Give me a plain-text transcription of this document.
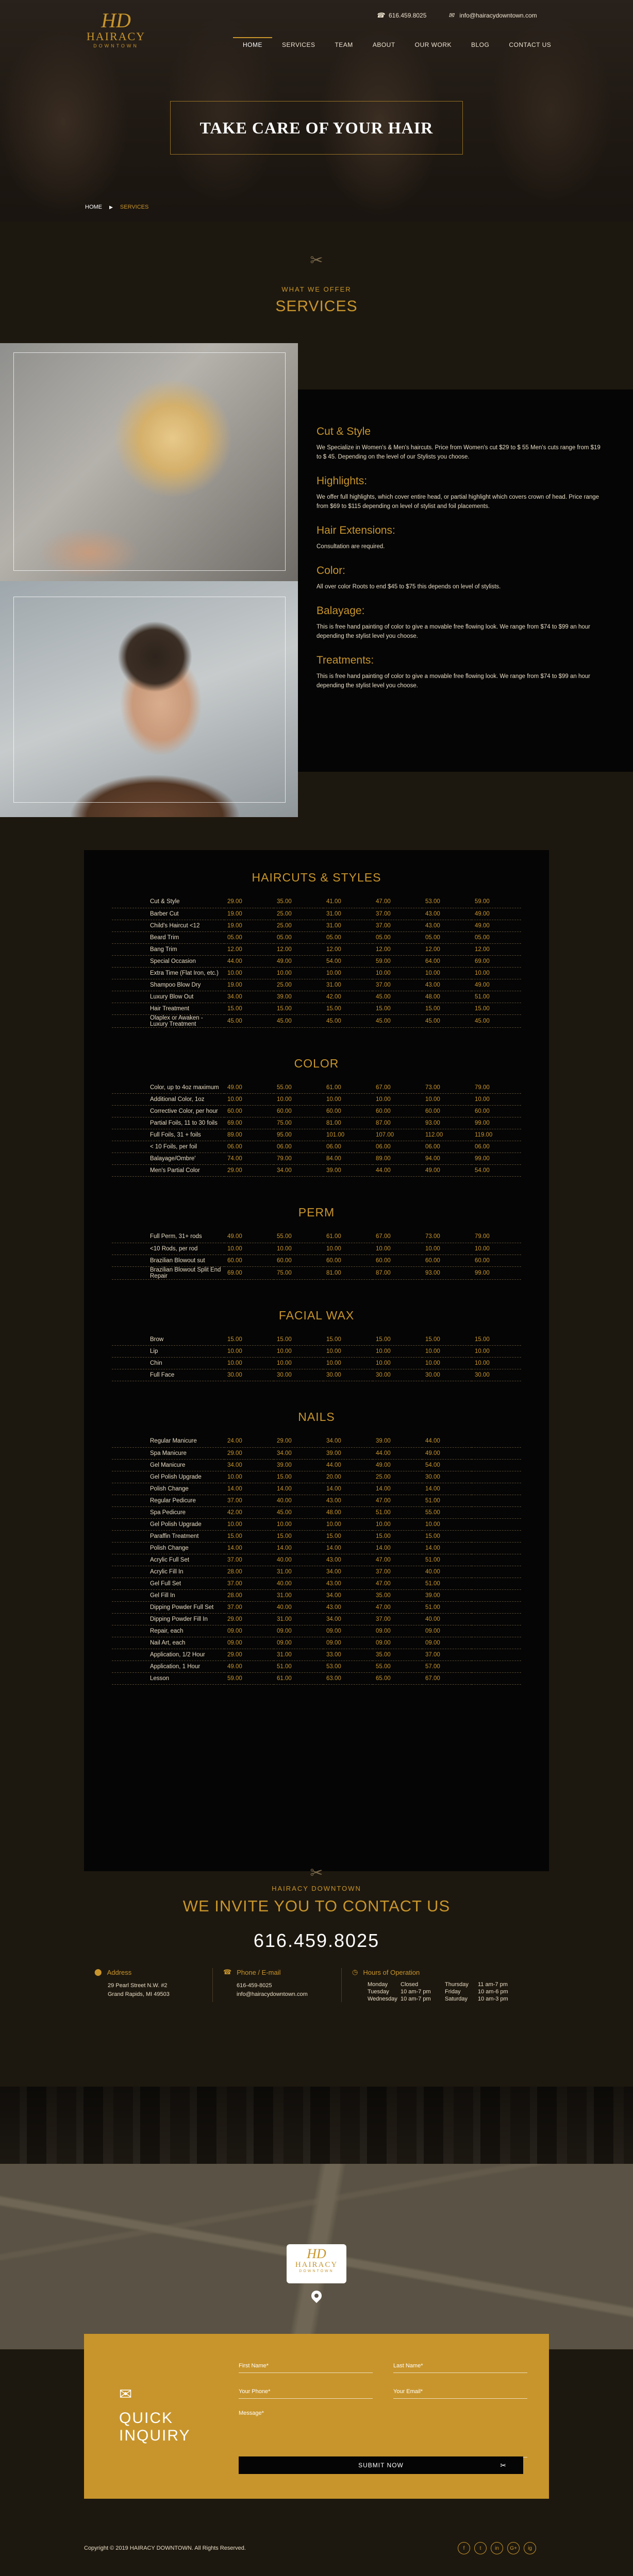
☎ 616.459.8025	✉ info@hairacydowntown.com
HD
HAIRACY
DOWNTOWN	HOME	SERVICES	TEAM	ABOUT	OUR WORK	BLOG	CONTACT US
TAKE CARE OF YOUR HAIR
HOME ▶ SERVICES
✂
WHAT WE OFFER
SERVICES
Cut & Style

We Specialize in Women's & Men's haircuts. Price from Women's cut $29 to $ 55 Men's cuts range from $19 to $ 45. Depending on the level of our Stylists you choose.

Highlights:

We offer full highlights, which cover entire head, or partial highlight which covers crown of head. Price range from $69 to $115 depending on level of stylist and foil placements.

Hair Extensions:

Consultation are required.

Color:

All over color Roots to end $45 to $75 this depends on level of stylists.

Balayage:

This is free hand painting of color to give a movable free flowing look. We range from $74 to $99 an hour depending the stylist level you choose.

Treatments:

This is free hand painting of color to give a movable free flowing look. We range from $74 to $99 an hour depending the stylist level you choose.

HAIRCUTS & STYLES
Cut & Style	29.00	35.00	41.00	47.00	53.00	59.00
Barber Cut	19.00	25.00	31.00	37.00	43.00	49.00
Child's Haircut <12	19.00	25.00	31.00	37.00	43.00	49.00
Beard Trim	05.00	05.00	05.00	05.00	05.00	05.00
Bang Trim	12.00	12.00	12.00	12.00	12.00	12.00
Special Occasion	44.00	49.00	54.00	59.00	64.00	69.00
Extra Time (Flat Iron, etc.)	10.00	10.00	10.00	10.00	10.00	10.00
Shampoo Blow Dry	19.00	25.00	31.00	37.00	43.00	49.00
Luxury Blow Out	34.00	39.00	42.00	45.00	48.00	51.00
Hair Treatment	15.00	15.00	15.00	15.00	15.00	15.00
Olaplex or Awaken - Luxury Treatment	45.00	45.00	45.00	45.00	45.00	45.00
COLOR
Color, up to 4oz maximum	49.00	55.00	61.00	67.00	73.00	79.00
Additional Color, 1oz	10.00	10.00	10.00	10.00	10.00	10.00
Corrective Color, per hour	60.00	60.00	60.00	60.00	60.00	60.00
Partial Foils, 11 to 30 foils	69.00	75.00	81.00	87.00	93.00	99.00
Full Foils, 31 + foils	89.00	95.00	101.00	107.00	112.00	119.00
< 10 Foils, per foil	06.00	06.00	06.00	06.00	06.00	06.00
Balayage/Ombre'	74.00	79.00	84.00	89.00	94.00	99.00
Men's Partial Color	29.00	34.00	39.00	44.00	49.00	54.00
PERM
Full Perm, 31+ rods	49.00	55.00	61.00	67.00	73.00	79.00
<10 Rods, per rod	10.00	10.00	10.00	10.00	10.00	10.00
Brazilian Blowout sut	60.00	60.00	60.00	60.00	60.00	60.00
Brazilian Blowout Split End Repair	69.00	75.00	81.00	87.00	93.00	99.00
FACIAL WAX
Brow	15.00	15.00	15.00	15.00	15.00	15.00
Lip	10.00	10.00	10.00	10.00	10.00	10.00
Chin	10.00	10.00	10.00	10.00	10.00	10.00
Full Face	30.00	30.00	30.00	30.00	30.00	30.00
NAILS
Regular Manicure	24.00	29.00	34.00	39.00	44.00	
Spa Manicure	29.00	34.00	39.00	44.00	49.00	
Gel Manicure	34.00	39.00	44.00	49.00	54.00	
Gel Polish Upgrade	10.00	15.00	20.00	25.00	30.00	
Polish Change	14.00	14.00	14.00	14.00	14.00	
Regular Pedicure	37.00	40.00	43.00	47.00	51.00	
Spa Pedicure	42.00	45.00	48.00	51.00	55.00	
Gel Polish Upgrade	10.00	10.00	10.00	10.00	10.00	
Paraffin Treatment	15.00	15.00	15.00	15.00	15.00	
Polish Change	14.00	14.00	14.00	14.00	14.00	
Acrylic Full Set	37.00	40.00	43.00	47.00	51.00	
Acrylic Fill In	28.00	31.00	34.00	37.00	40.00	
Gel Full Set	37.00	40.00	43.00	47.00	51.00	
Gel Fill In	28.00	31.00	34.00	35.00	39.00	
Dipping Powder Full Set	37.00	40.00	43.00	47.00	51.00	
Dipping Powder Fill In	29.00	31.00	34.00	37.00	40.00	
Repair, each	09.00	09.00	09.00	09.00	09.00	
Nail Art, each	09.00	09.00	09.00	09.00	09.00	
Application, 1/2 Hour	29.00	31.00	33.00	35.00	37.00	
Application, 1 Hour	49.00	51.00	53.00	55.00	57.00	
Lesson	59.00	61.00	63.00	65.00	67.00	
✂
HAIRACY DOWNTOWN
WE INVITE YOU TO CONTACT US
616.459.8025
⬤ Address

29 Pearl Street N.W. #2

Grand Rapids, MI 49503

☎ Phone / E-mail

616-459-8025

info@hairacydowntown.com

◷ Hours of Operation
Monday	Closed	Thursday	11 am-7 pm
Tuesday	10 am-7 pm	Friday	10 am-6 pm
Wednesday 10 am-7 pm	Saturday	10 am-3 pm
HD
HAIRACY
DOWNTOWN
✉
QUICK
INQUIRY
First Name*
Last Name*
Your Phone*
Your Email*
Message*
SUBMIT NOW	✂
Copyright © 2019 HAIRACY DOWNTOWN. All Rights Reserved.	f	t	in	G+	ig
